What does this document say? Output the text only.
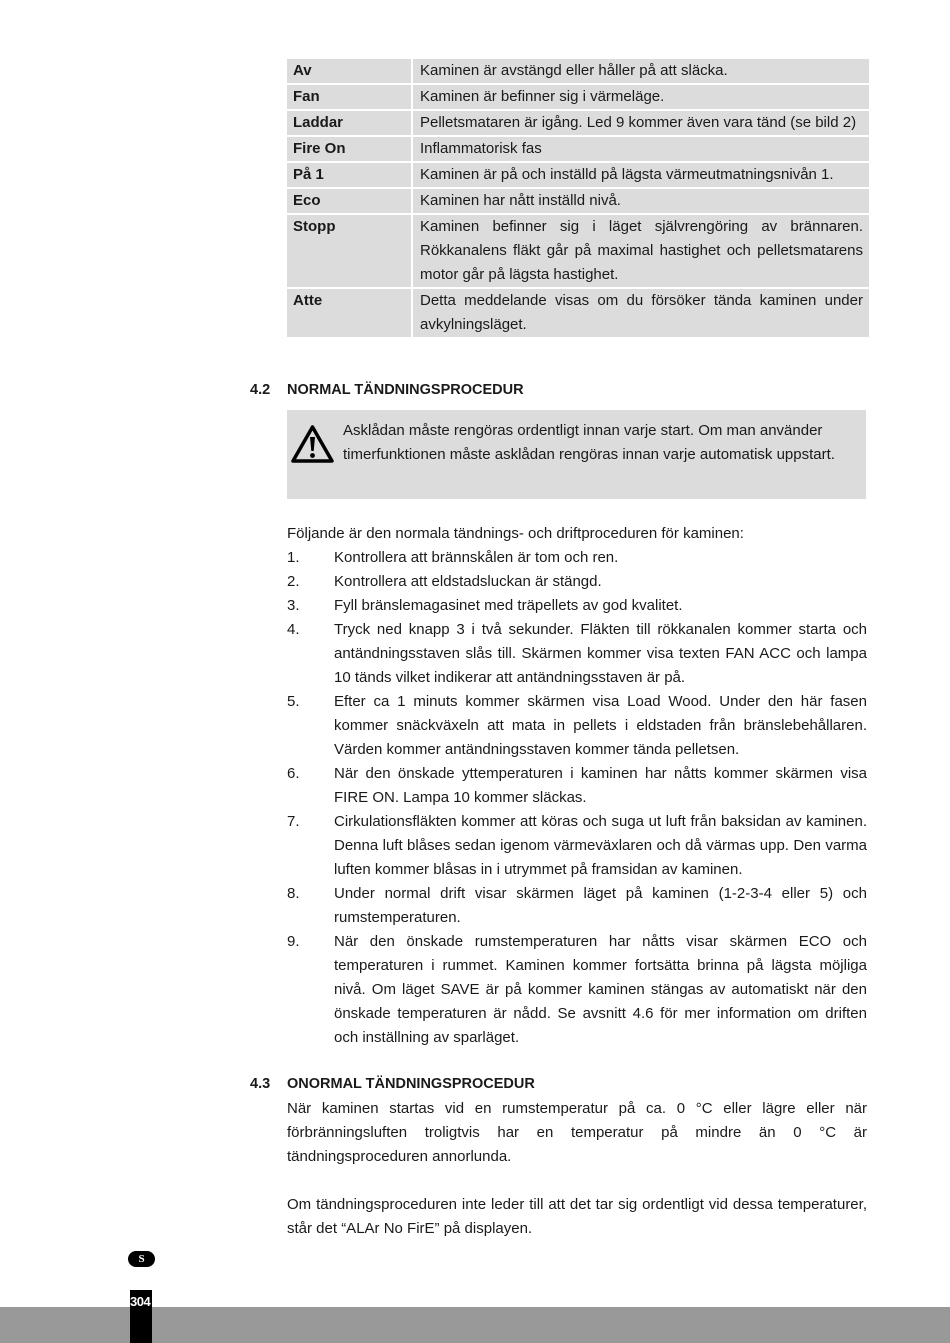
Av	Kaminen är avstängd eller håller på att släcka.
Fan	Kaminen är befinner sig i värmeläge.
Laddar	Pelletsmataren är igång. Led 9 kommer även vara tänd (se bild 2)
Fire On	Inflammatorisk fas
På 1	Kaminen är på och inställd på lägsta värmeutmatningsnivån 1.
Eco	Kaminen har nått inställd nivå.
Stopp	Kaminen befinner sig i läget självrengöring av brännaren. Rökkanalens fläkt går på maximal hastighet och pelletsmatarens motor går på lägsta hastighet.
Atte	Detta meddelande visas om du försöker tända kaminen under avkylningsläget.
4.2 NORMAL TÄNDNINGSPROCEDUR
Asklådan måste rengöras ordentligt innan varje start. Om man använder timerfunktionen måste asklådan rengöras innan varje automatisk uppstart.
Följande är den normala tändnings- och driftproceduren för kaminen:
1.	Kontrollera att brännskålen är tom och ren.
2.	Kontrollera att eldstadsluckan är stängd.
3.	Fyll bränslemagasinet med träpellets av god kvalitet.
4.	Tryck ned knapp 3 i två sekunder. Fläkten till rökkanalen kommer starta och antändningsstaven slås till. Skärmen kommer visa texten FAN ACC och lampa 10 tänds vilket indikerar att antändningsstaven är på.
5.	Efter ca 1 minuts kommer skärmen visa Load Wood. Under den här fasen kommer snäckväxeln att mata in pellets i eldstaden från bränslebehållaren. Värden kommer antändningsstaven kommer tända pelletsen.
6.	När den önskade yttemperaturen i kaminen har nåtts kommer skärmen visa FIRE ON. Lampa 10 kommer släckas.
7.	Cirkulationsfläkten kommer att köras och suga ut luft från baksidan av kaminen. Denna luft blåses sedan igenom värmeväxlaren och då värmas upp. Den varma luften kommer blåsas in i utrymmet på framsidan av kaminen.
8.	Under normal drift visar skärmen läget på kaminen (1-2-3-4 eller 5) och rumstemperaturen.
9.	När den önskade rumstemperaturen har nåtts visar skärmen ECO och temperaturen i rummet. Kaminen kommer fortsätta brinna på lägsta möjliga nivå. Om läget SAVE är på kommer kaminen stängas av automatiskt när den önskade temperaturen är nådd. Se avsnitt 4.6 för mer information om driften och inställning av sparläget.
4.3 ONORMAL TÄNDNINGSPROCEDUR
När kaminen startas vid en rumstemperatur på ca. 0 °C eller lägre eller när förbränningsluften troligtvis har en temperatur på mindre än 0 °C är tändningsproceduren annorlunda.
Om tändningsproceduren inte leder till att det tar sig ordentligt vid dessa temperaturer, står det “ALAr No FirE” på displayen.
S
304
